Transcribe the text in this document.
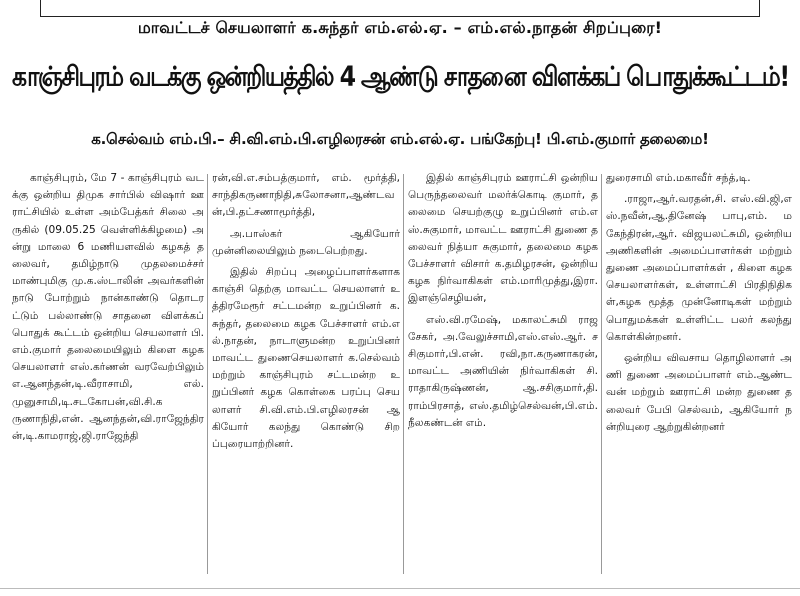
மாவட்டச் செயலாளர் க.சுந்தர் எம்.எல்.ஏ. – எம்.எல்.நாதன் சிறப்புரை!
காஞ்சிபுரம் வடக்கு ஒன்றியத்தில் 4 ஆண்டு சாதனை விளக்கப் பொதுக்கூட்டம்!
க.செல்வம் எம்.பி.– சி.வி.எம்.பி.எழிலரசன் எம்.எல்.ஏ. பங்கேற்பு! பி.எம்.குமார் தலைமை!

காஞ்சிபுரம், மே 7 - காஞ்சிபுரம் வடக்கு ஒன்றிய திமுக சார்பில் விஷார் ஊராட்சியில் உள்ள அம்பேத்கர் சிலை அருகில் (09.05.25 வெள்ளிக்கிழமை) அன்று மாலை 6 மணியளவில் கழகத் தலைவர், தமிழ்நாடு முதலமைச்சர் மாண்புமிகு மு.க.ஸ்டாலின் அவர்களின் நாடு போற்றும் நான்காண்டு தொடரட்டும் பல்லாண்டு சாதனை விளக்கப் பொதுக் கூட்டம் ஒன்றிய செயலாளர் பி.எம்.குமார் தலைமையிலும் கிளை கழக செயலாளர் எஸ்.கர்ணன் வரவேற்பிலும் எ.ஆனந்தன்,டி.வீராசாமி, எல்.முனுசாமி,டி.சடகோபன்,வி.சி.கருணாநிதி,என். ஆனந்தன்,வி.ராஜேந்திரன்,டி.காமராஜ்,ஜி.ராஜேந்தி

ரன்,வி.எ.சம்பத்குமார், எம். மூர்த்தி, சாந்திகருணாநிதி,சுலோசனா,ஆண்டவன்,பி.தட்சணாமூர்த்தி,

அ.பாஸ்கர் ஆகியோர் முன்னிலையிலும் நடைபெற்றது.

இதில் சிறப்பு அழைப்பாளர்களாக காஞ்சி தெற்கு மாவட்ட செயலாளர் உத்திரமேரூர் சட்டமன்ற உறுப்பினர் க.சுந்தர், தலைமை கழக பேச்சாளர் எம்.எல்.நாதன், நாடாளுமன்ற உறுப்பினர் மாவட்ட துணைசெயலாளர் க.செல்வம் மற்றும் காஞ்சிபுரம் சட்டமன்ற உறுப்பினர் கழக கொள்கை பரப்பு செயலாளர் சி.வி.எம்.பி.எழிலரசன் ஆகியோர் கலந்து கொண்டு சிறப்புரையாற்றினர்.

இதில் காஞ்சிபுரம் ஊராட்சி ஒன்றிய பெருந்தலைவர் மலர்க்கொடி குமார், தலைமை செயற்குழு உறுப்பினர் எம்.எஸ்.சுகுமார், மாவட்ட ஊராட்சி துணை தலைவர் நித்யா சுகுமார், தலைமை கழக பேச்சாளர் விசார் க.தமிழரசன், ஒன்றிய கழக நிர்வாகிகள் எம்.மாரிமுத்து,இரா. இளஞ்செழியன்,

எஸ்.வி.ரமேஷ், மகாலட்சுமி ராஜசேகர், அ.வேலுச்சாமி,எஸ்.எஸ்.ஆர். சசிகுமார்,பி.என். ரவி,நா.கருணாகரன், மாவட்ட அணியின் நிர்வாகிகள் சி. ராதாகிருஷ்ணன், ஆ.சசிகுமார்,தி.ராம்பிரசாத், எஸ்.தமிழ்செல்வன்,பி.எம்.நீலகண்டன் எம்.

துரைசாமி எம்.மகாவீர் சந்த்,டி.

.ராஜா,ஆர்.வரதன்,சி. எஸ்.வி.ஜி,எஸ்.நவீன்,ஆ.தினேஷ் பாபு,எம். மகேந்திரன்,ஆர். விஜயலட்சுமி, ஒன்றிய அணிகளின் அமைப்பாளர்கள் மற்றும் துணை அமைப்பாளர்கள் , கிளை கழக செயலாளர்கள், உள்ளாட்சி பிரதிநிதிகள்,கழக மூத்த முன்னோடிகள் மற்றும் பொதுமக்கள் உள்ளிட்ட பலர் கலந்து கொள்கின்றனர்.

ஒன்றிய விவசாய தொழிலாளர் அணி துணை அமைப்பாளர் எம்.ஆண்டவன் மற்றும் ஊராட்சி மன்ற துணை தலைவர் பேபி செல்வம், ஆகியோர் நன்றியுரை ஆற்றுகின்றனர்
